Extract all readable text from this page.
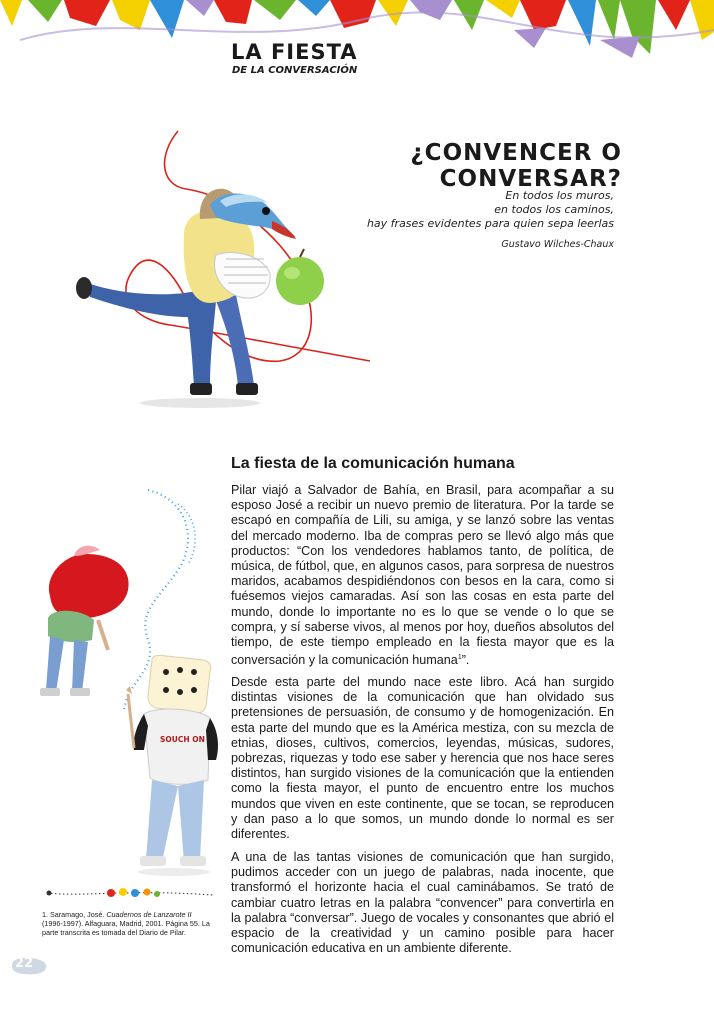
LA FIESTA
DE LA CONVERSACIÓN
¿CONVENCER O CONVERSAR?
En todos los muros,
en todos los caminos,
hay frases evidentes para quien sepa leerlas
Gustavo Wilches-Chaux
La fiesta de la comunicación humana
Pilar viajó a Salvador de Bahía, en Brasil, para acompañar a su esposo José a recibir un nuevo premio de literatura. Por la tarde se escapó en compañía de Lili, su amiga, y se lanzó sobre las ventas del mercado moderno. Iba de compras pero se llevó algo más que productos: “Con los vendedores hablamos tanto, de política, de música, de fútbol, que, en algunos casos, para sorpresa de nuestros maridos, acabamos despidiéndonos con besos en la cara, como si fuésemos viejos camaradas. Así son las cosas en esta parte del mundo, donde lo importante no es lo que se vende o lo que se compra, y sí saberse vivos, al menos por hoy, dueños absolutos del tiempo, de este tiempo empleado en la fiesta mayor que es la conversación y la comunicación humana$^1$”.
Desde esta parte del mundo nace este libro. Acá han surgido distintas visiones de la comunicación que han olvidado sus pretensiones de persuasión, de consumo y de homogenización. En esta parte del mundo que es la América mestiza, con su mezcla de etnias, dioses, cultivos, comercios, leyendas, músicas, sudores, pobrezas, riquezas y todo ese saber y herencia que nos hace seres distintos, han surgido visiones de la comunicación que la entienden como la fiesta mayor, el punto de encuentro entre los muchos mundos que viven en este continente, que se tocan, se reproducen y dan paso a lo que somos, un mundo donde lo normal es ser diferentes.
A una de las tantas visiones de comunicación que han surgido, pudimos acceder con un juego de palabras, nada inocente, que transformó el horizonte hacia el cual caminábamos. Se trató de cambiar cuatro letras en la palabra “convencer” para convertirla en la palabra “conversar”. Juego de vocales y consonantes que abrió el espacio de la creatividad y un camino posible para hacer comunicación educativa en un ambiente diferente.
SOUCH ON
1. Saramago, José. Cuadernos de Lanzarote II (1996-1997). Alfaguara, Madrid, 2001. Página 55. La parte transcrita es tomada del Diario de Pilar.
22
